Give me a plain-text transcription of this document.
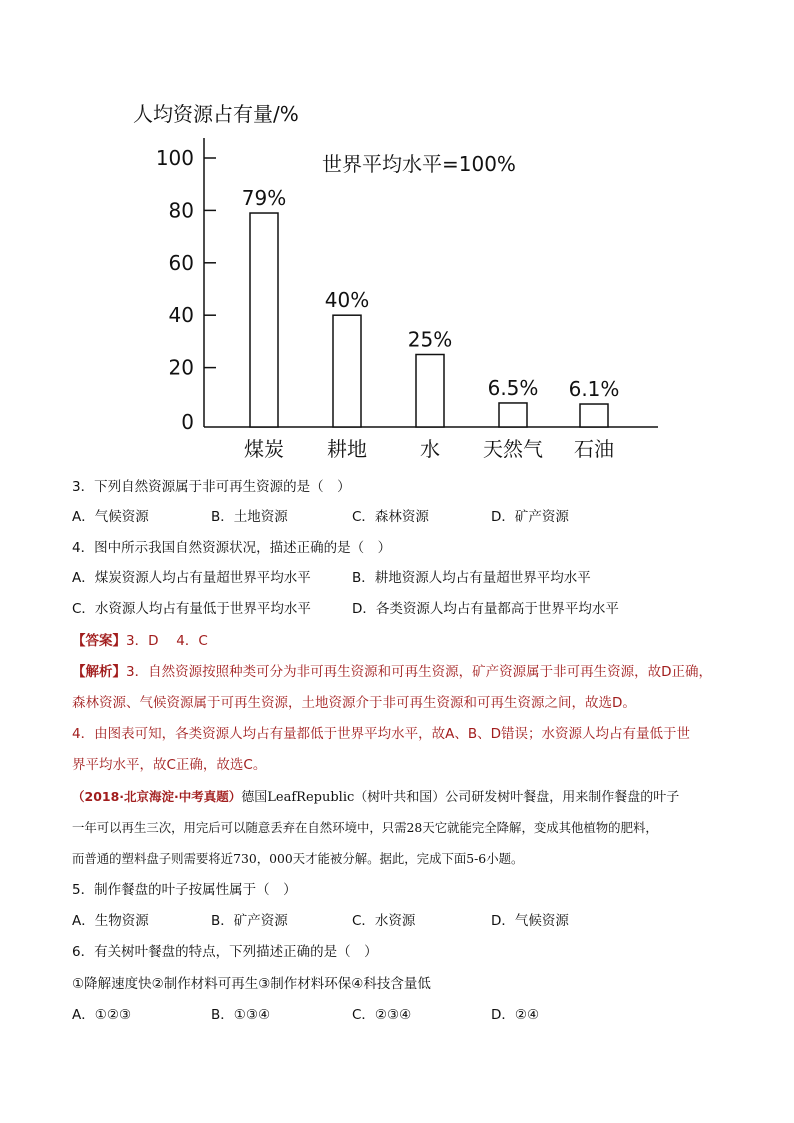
人均资源占有量/%
世界平均水平=100%
0
20
40
60
80
100
79%
煤炭
40%
耕地
25%
水
6.5%
天然气
6.1%
石油
3．下列自然资源属于非可再生资源的是（　）
A．气候资源	B．土地资源	C．森林资源	D．矿产资源
4．图中所示我国自然资源状况，描述正确的是（　）
A．煤炭资源人均占有量超世界平均水平	B．耕地资源人均占有量超世界平均水平
C．水资源人均占有量低于世界平均水平	D．各类资源人均占有量都高于世界平均水平
【答案】3．D　 4．C
【解析】3．自然资源按照种类可分为非可再生资源和可再生资源，矿产资源属于非可再生资源，故D正确，
森林资源、气候资源属于可再生资源，土地资源介于非可再生资源和可再生资源之间，故选D。
4．由图表可知，各类资源人均占有量都低于世界平均水平，故A、B、D错误；水资源人均占有量低于世
界平均水平，故C正确，故选C。
（2018·北京海淀·中考真题）德国LeafRepublic（树叶共和国）公司研发树叶餐盘，用来制作餐盘的叶子
一年可以再生三次，用完后可以随意丢弃在自然环境中，只需28天它就能完全降解，变成其他植物的肥料，
而普通的塑料盘子则需要将近730，000天才能被分解。据此，完成下面5-6小题。
5．制作餐盘的叶子按属性属于（　）
A．生物资源	B．矿产资源	C．水资源	D．气候资源
6．有关树叶餐盘的特点，下列描述正确的是（　）
①降解速度快②制作材料可再生③制作材料环保④科技含量低
A．①②③	B．①③④	C．②③④	D．②④
